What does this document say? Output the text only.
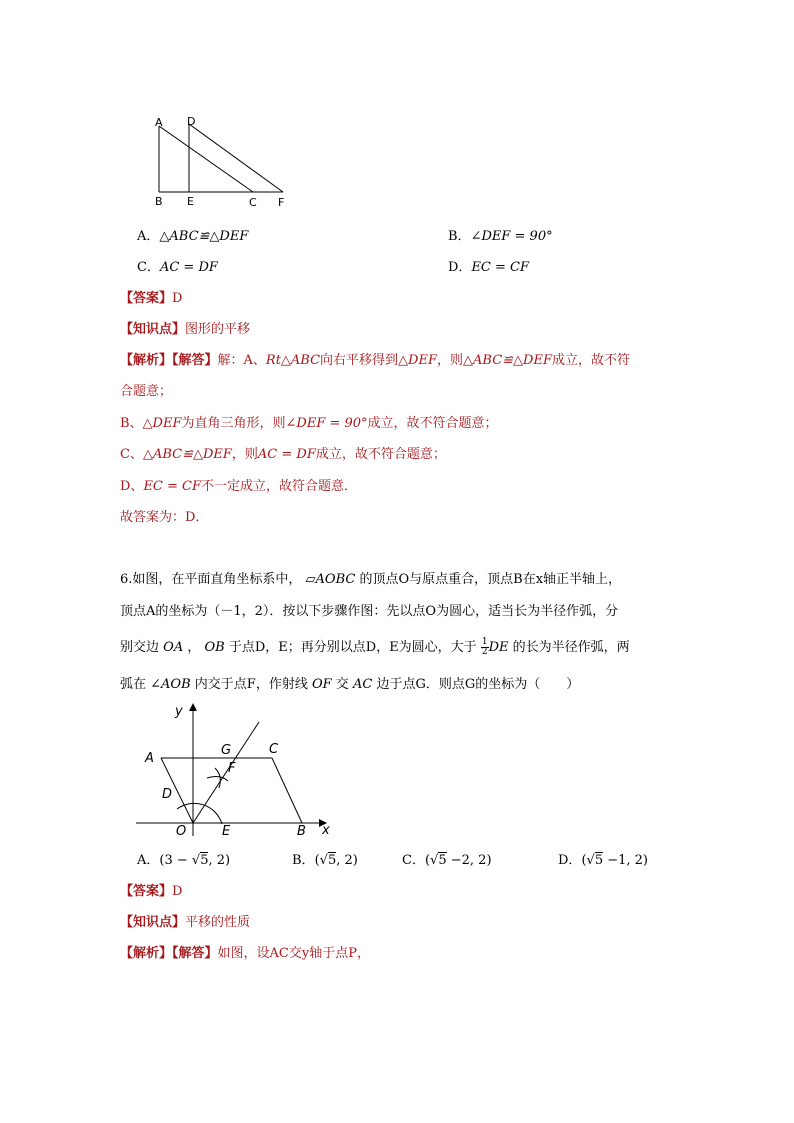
A D
B E	C F
A．△ABC≌△DEF	B．∠DEF = 90°
C．AC = DF	D．EC = CF
【答案】D
【知识点】图形的平移
【解析】【解答】解：A、Rt△ABC向右平移得到△DEF，则△ABC≌△DEF成立，故不符
合题意；
B、△DEF为直角三角形，则∠DEF = 90°成立，故不符合题意；
C、△ABC≌△DEF，则AC = DF成立，故不符合题意；
D、EC = CF不一定成立，故符合题意．
故答案为：D．
6.如图，在平面直角坐标系中， ▱AOBC 的顶点O与原点重合，顶点B在x轴正半轴上，
顶点A的坐标为（－1，2）．按以下步骤作图：先以点O为圆心，适当长为半径作弧，分
别交边 OA ， OB 于点D，E；再分别以点D，E为圆心，大于 $\frac{1}{2}$ DE 的长为半径作弧，两
弧在 ∠AOB 内交于点F，作射线 OF 交 AC 边于点G．则点G的坐标为（　　）
y
x
A
G	C
F
D
O	E	B
A．(3 − √5, 2)	B．(√5, 2)	C．(√5 −2, 2)	D．(√5 −1, 2)
【答案】D
【知识点】平移的性质
【解析】【解答】如图，设AC交y轴于点P，
